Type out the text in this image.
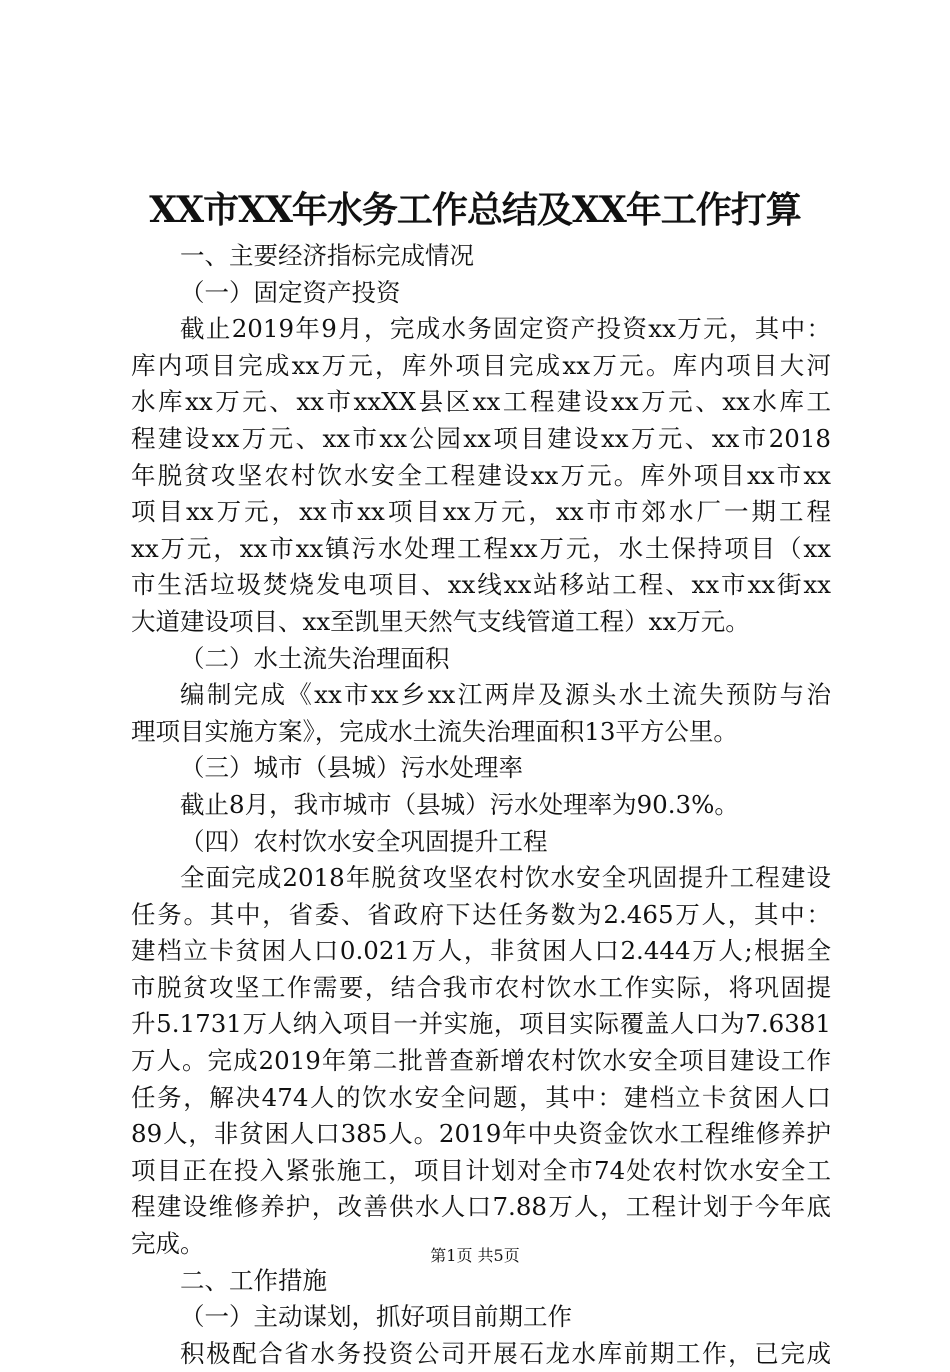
XX市XX年水务工作总结及XX年工作打算
一、主要经济指标完成情况
（一）固定资产投资
截止2019年9月，完成水务固定资产投资xx万元，其中：
库内项目完成xx万元，库外项目完成xx万元。库内项目大河
水库xx万元、xx市xxXX县区xx工程建设xx万元、xx水库工
程建设xx万元、xx市xx公园xx项目建设xx万元、xx市2018
年脱贫攻坚农村饮水安全工程建设xx万元。库外项目xx市xx
项目xx万元，xx市xx项目xx万元，xx市市郊水厂一期工程
xx万元，xx市xx镇污水处理工程xx万元，水土保持项目（xx
市生活垃圾焚烧发电项目、xx线xx站移站工程、xx市xx街xx
大道建设项目、xx至凯里天然气支线管道工程）xx万元。
（二）水土流失治理面积
编制完成《xx市xx乡xx江两岸及源头水土流失预防与治
理项目实施方案》，完成水土流失治理面积13平方公里。
（三）城市（县城）污水处理率
截止8月，我市城市（县城）污水处理率为90.3%。
（四）农村饮水安全巩固提升工程
全面完成2018年脱贫攻坚农村饮水安全巩固提升工程建设
任务。其中，省委、省政府下达任务数为2.465万人，其中：
建档立卡贫困人口0.021万人，非贫困人口2.444万人;根据全
市脱贫攻坚工作需要，结合我市农村饮水工作实际，将巩固提
升5.1731万人纳入项目一并实施，项目实际覆盖人口为7.6381
万人。完成2019年第二批普查新增农村饮水安全项目建设工作
任务，解决474人的饮水安全问题，其中：建档立卡贫困人口
89人，非贫困人口385人。2019年中央资金饮水工程维修养护
项目正在投入紧张施工，项目计划对全市74处农村饮水安全工
程建设维修养护，改善供水人口7.88万人，工程计划于今年底
完成。
二、工作措施
（一）主动谋划，抓好项目前期工作
积极配合省水务投资公司开展石龙水库前期工作，已完成
第1页 共5页
